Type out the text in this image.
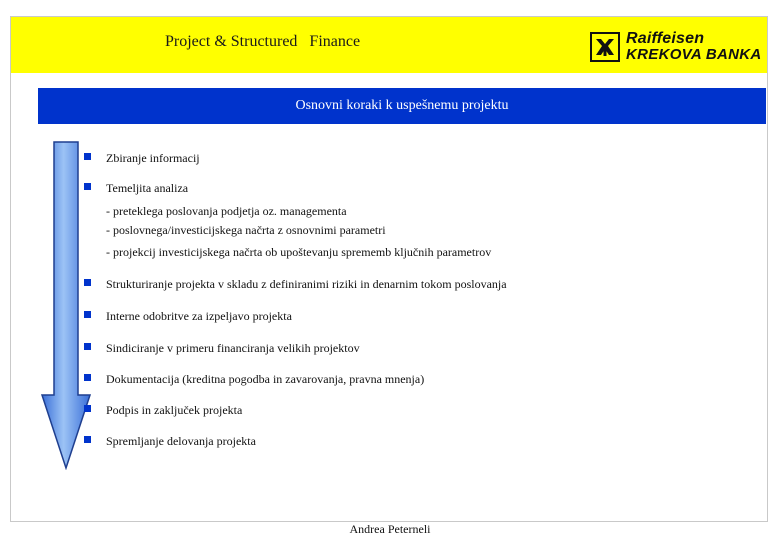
Project & Structured   Finance	Raiffeisen
KREKOVA BANKA
Osnovni koraki k uspešnemu projektu
Zbiranje informacij
Temeljita analiza
- preteklega poslovanja podjetja oz. managementa
- poslovnega/investicijskega načrta z osnovnimi parametri
- projekcij investicijskega načrta ob upoštevanju sprememb ključnih parametrov
Strukturiranje projekta v skladu z definiranimi riziki in denarnim tokom poslovanja
Interne odobritve za izpeljavo projekta
Sindiciranje v primeru financiranja velikih projektov
Dokumentacija (kreditna pogodba in zavarovanja, pravna mnenja)
Podpis in zaključek projekta
Spremljanje delovanja projekta
Andrea Peterneli
